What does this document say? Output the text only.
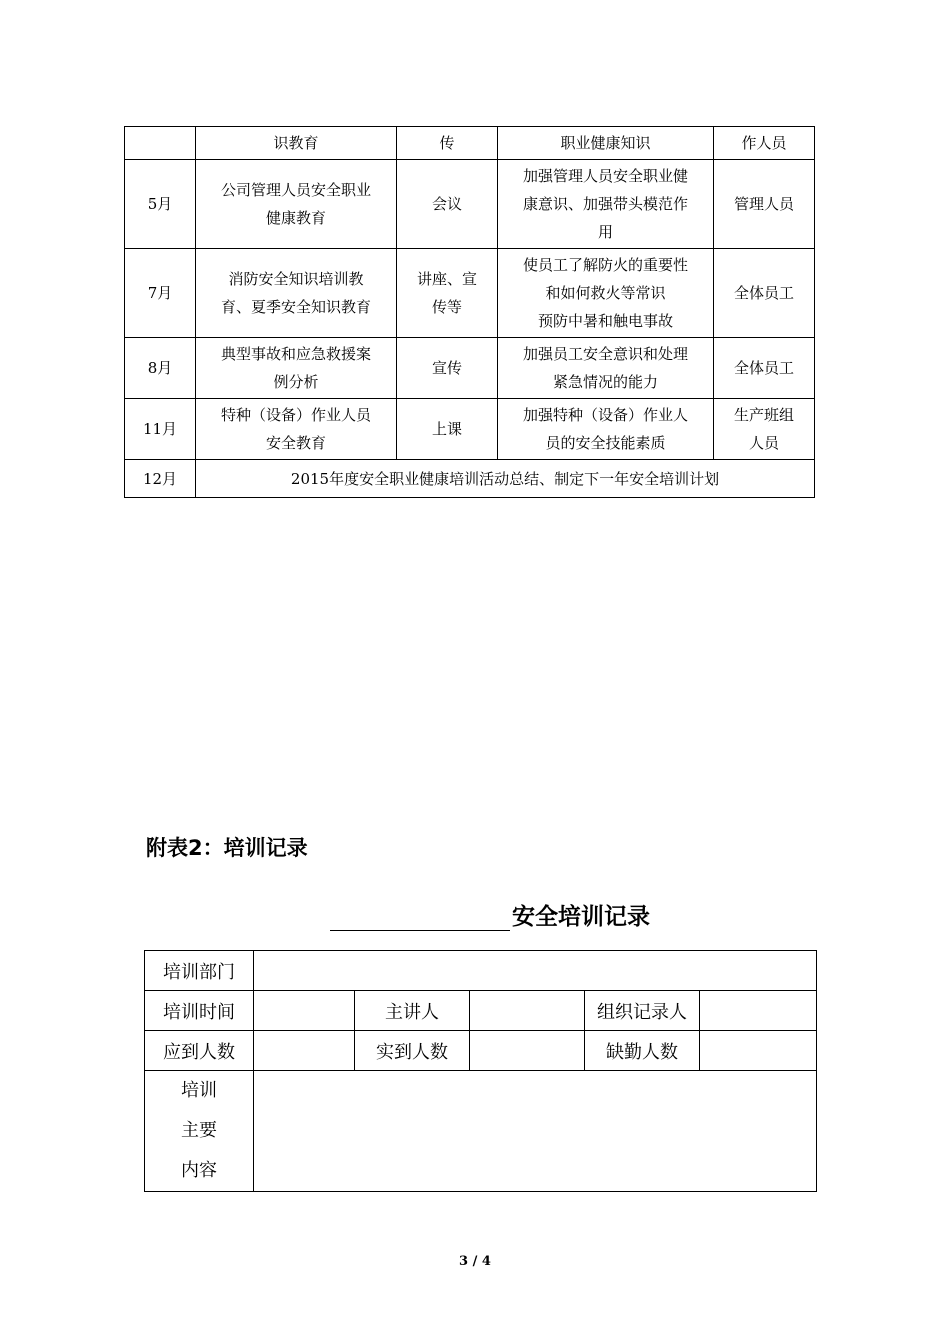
	识教育	传	职业健康知识	作人员
5月	公司管理人员安全职业
健康教育	会议	加强管理人员安全职业健
康意识、加强带头模范作
用	管理人员

7月	消防安全知识培训教
育、夏季安全知识教育	讲座、宣
传等	使员工了解防火的重要性
和如何救火等常识
预防中暑和触电事故	全体员工

8月	典型事故和应急救援案
例分析	宣传	加强员工安全意识和处理
紧急情况的能力	全体员工

11月	特种（设备）作业人员
安全教育	上课	加强特种（设备）作业人
员的安全技能素质	生产班组
人员

12月	2015年度安全职业健康培训活动总结、制定下一年安全培训计划			
附表2：培训记录
安全培训记录
培训部门					
培训时间		主讲人		组织记录人	
应到人数		实到人数		缺勤人数	

培训
主要
内容					

3 / 4
